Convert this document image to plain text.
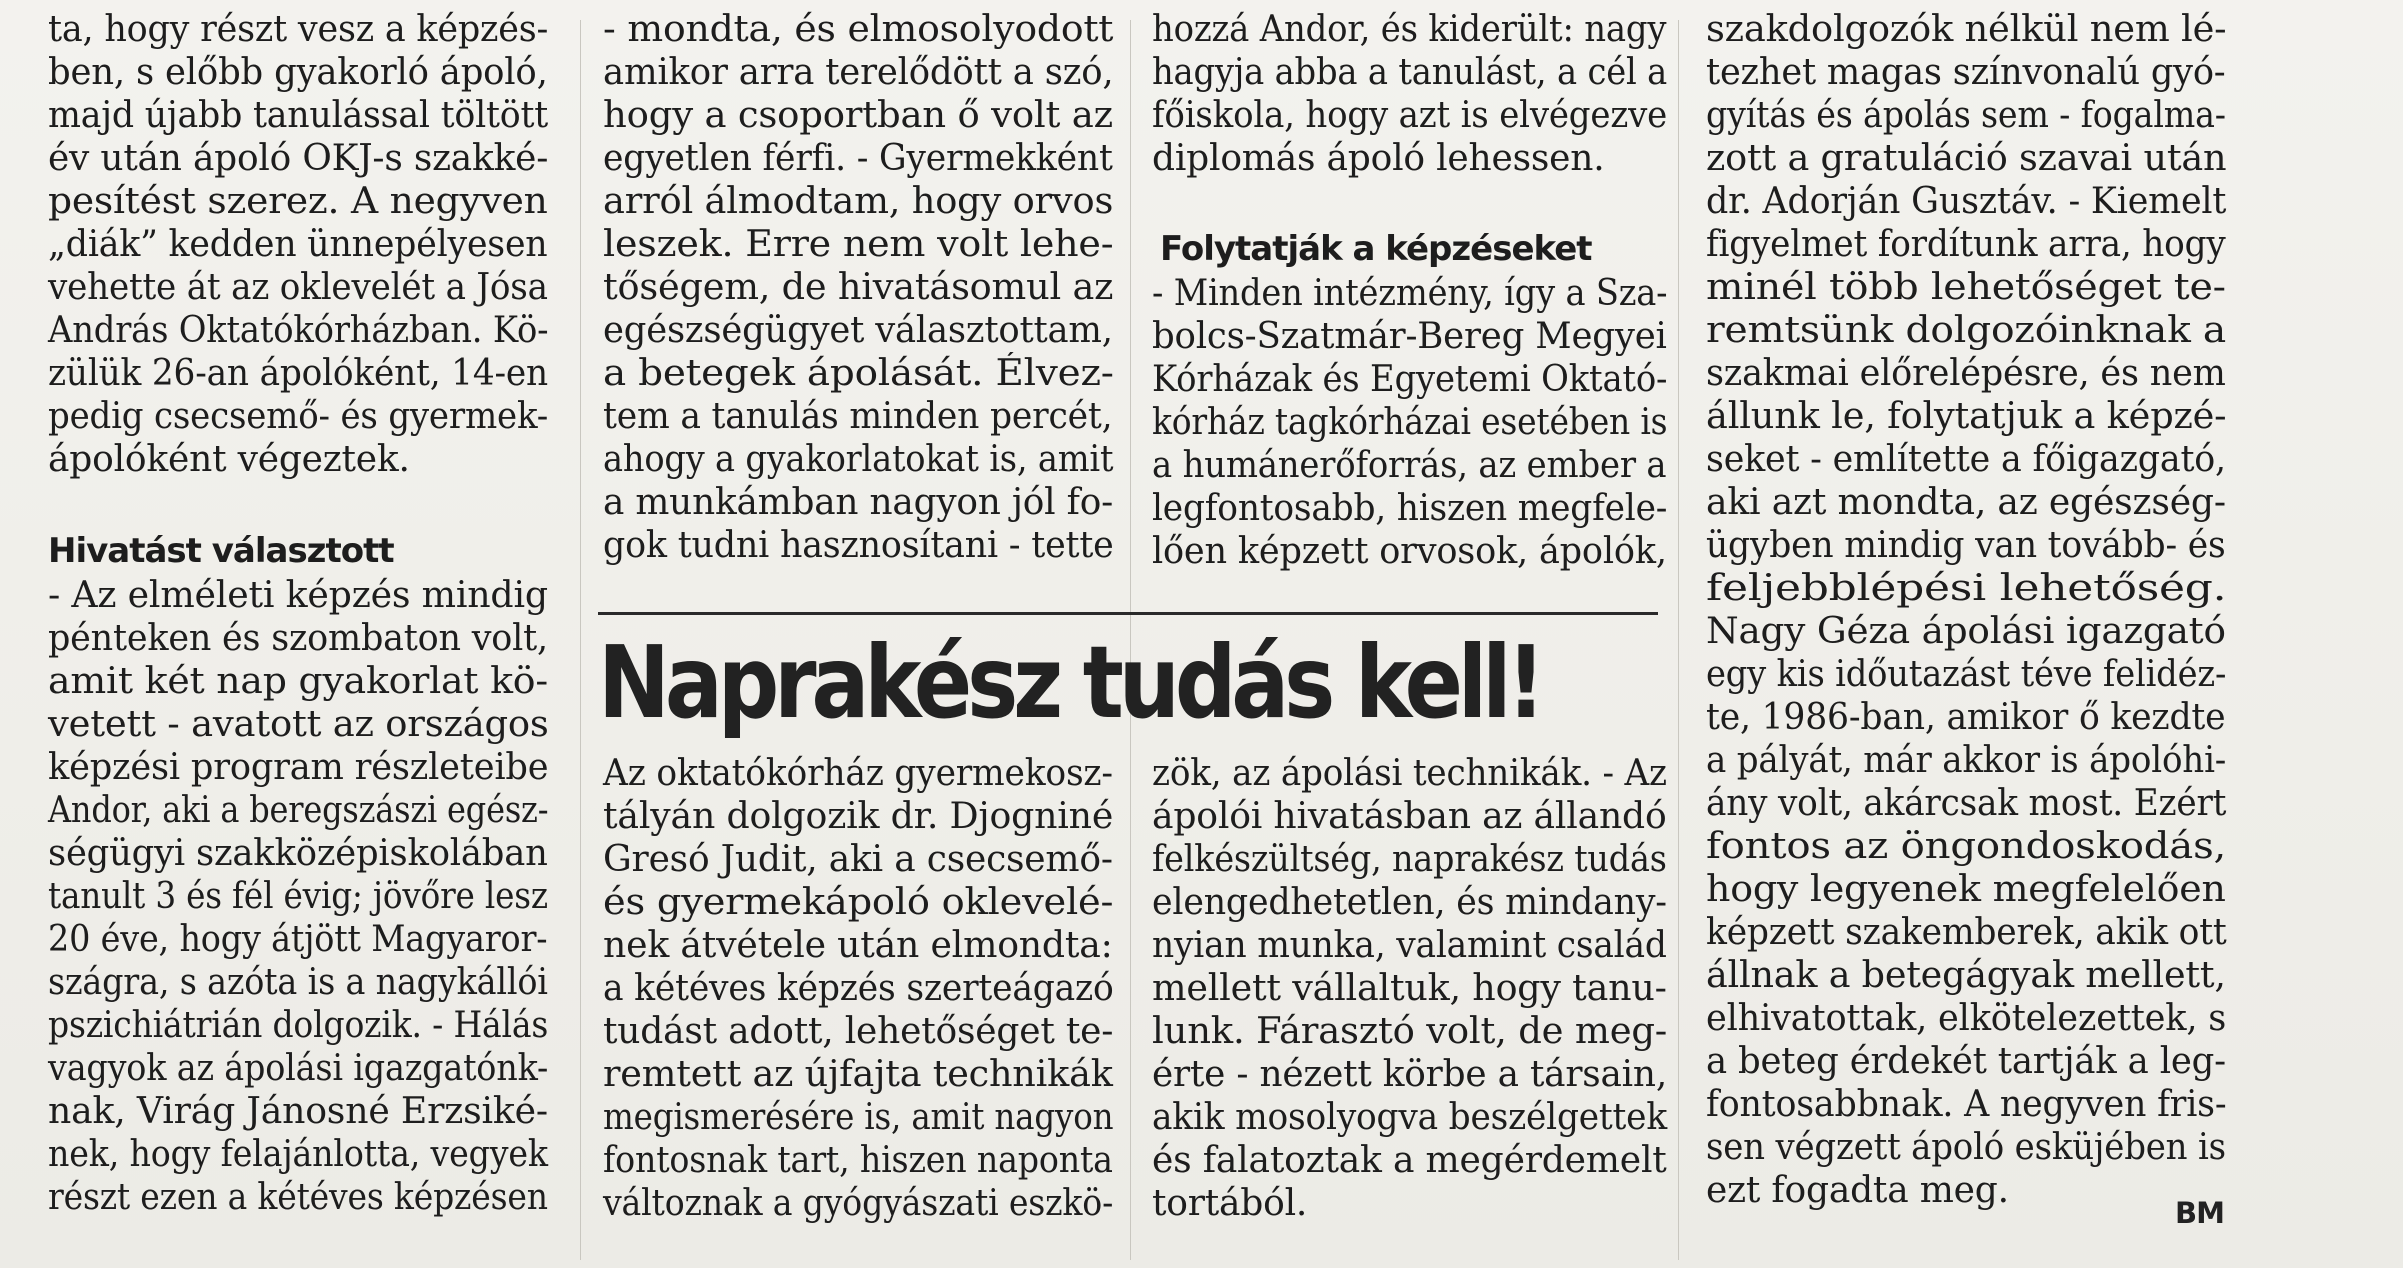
ta, hogy részt vesz a képzés-
ben, s előbb gyakorló ápoló,
majd újabb tanulással töltött
év után ápoló OKJ-s szakké-
pesítést szerez. A negyven
„diák” kedden ünnepélyesen
vehette át az oklevelét a Jósa
András Oktatókórházban. Kö-
zülük 26-an ápolóként, 14-en
pedig csecsemő- és gyermek-
ápolóként végeztek.
Hivatást választott
- Az elméleti képzés mindig
pénteken és szombaton volt,
amit két nap gyakorlat kö-
vetett - avatott az országos
képzési program részleteibe
Andor, aki a beregszászi egész-
ségügyi szakközépiskolában
tanult 3 és fél évig; jövőre lesz
20 éve, hogy átjött Magyaror-
szágra, s azóta is a nagykállói
pszichiátrián dolgozik. - Hálás
vagyok az ápolási igazgatónk-
nak, Virág Jánosné Erzsiké-
nek, hogy felajánlotta, vegyek
részt ezen a kétéves képzésen
- mondta, és elmosolyodott
amikor arra terelődött a szó,
hogy a csoportban ő volt az
egyetlen férfi. - Gyermekként
arról álmodtam, hogy orvos
leszek. Erre nem volt lehe-
tőségem, de hivatásomul az
egészségügyet választottam,
a betegek ápolását. Élvez-
tem a tanulás minden percét,
ahogy a gyakorlatokat is, amit
a munkámban nagyon jól fo-
gok tudni hasznosítani - tette
hozzá Andor, és kiderült: nagy
hagyja abba a tanulást, a cél a
főiskola, hogy azt is elvégezve
diplomás ápoló lehessen.
Folytatják a képzéseket
- Minden intézmény, így a Sza-
bolcs-Szatmár-Bereg Megyei
Kórházak és Egyetemi Oktató-
kórház tagkórházai esetében is
a humánerőforrás, az ember a
legfontosabb, hiszen megfele-
lően képzett orvosok, ápolók,
szakdolgozók nélkül nem lé-
tezhet magas színvonalú gyó-
gyítás és ápolás sem - fogalma-
zott a gratuláció szavai után
dr. Adorján Gusztáv. - Kiemelt
figyelmet fordítunk arra, hogy
minél több lehetőséget te-
remtsünk dolgozóinknak a
szakmai előrelépésre, és nem
állunk le, folytatjuk a képzé-
seket - említette a főigazgató,
aki azt mondta, az egészség-
ügyben mindig van tovább- és
feljebblépési lehetőség.
Nagy Géza ápolási igazgató
egy kis időutazást téve felidéz-
te, 1986-ban, amikor ő kezdte
a pályát, már akkor is ápolóhi-
ány volt, akárcsak most. Ezért
fontos az öngondoskodás,
hogy legyenek megfelelően
képzett szakemberek, akik ott
állnak a betegágyak mellett,
elhivatottak, elkötelezettek, s
a beteg érdekét tartják a leg-
fontosabbnak. A negyven fris-
sen végzett ápoló esküjében is
ezt fogadta meg.
BM
Naprakész tudás kell!
Az oktatókórház gyermekosz-
tályán dolgozik dr. Djogniné
Gresó Judit, aki a csecsemő-
és gyermekápoló oklevelé-
nek átvétele után elmondta:
a kétéves képzés szerteágazó
tudást adott, lehetőséget te-
remtett az újfajta technikák
megismerésére is, amit nagyon
fontosnak tart, hiszen naponta
változnak a gyógyászati eszkö-
zök, az ápolási technikák. - Az
ápolói hivatásban az állandó
felkészültség, naprakész tudás
elengedhetetlen, és mindany-
nyian munka, valamint család
mellett vállaltuk, hogy tanu-
lunk. Fárasztó volt, de meg-
érte - nézett körbe a társain,
akik mosolyogva beszélgettek
és falatoztak a megérdemelt
tortából.
